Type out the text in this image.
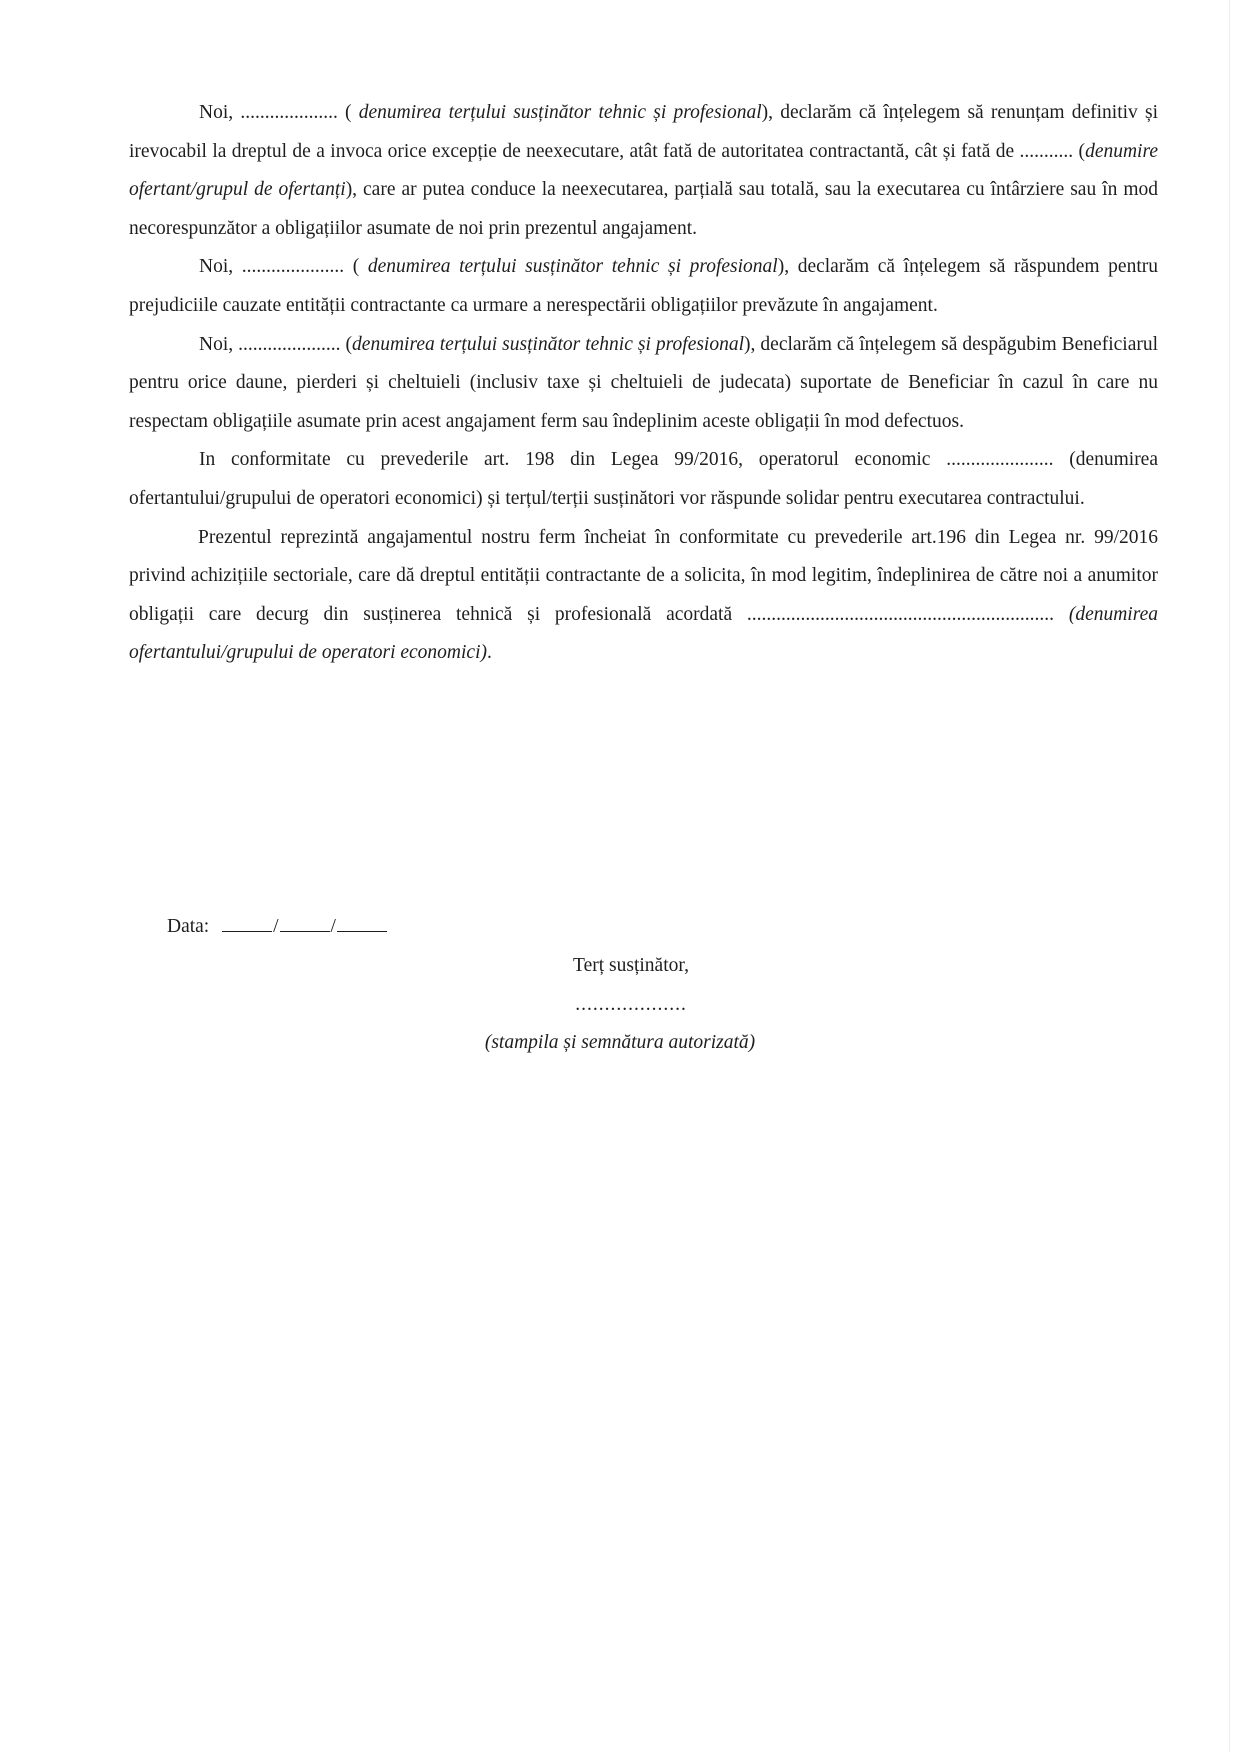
Noi, .................... ( denumirea terțului susținător tehnic și profesional), declarăm că înțelegem să renunțam definitiv și irevocabil la dreptul de a invoca orice excepție de neexecutare, atât fată de autoritatea contractantă, cât și fată de ........... (denumire ofertant/grupul de ofertanți), care ar putea conduce la neexecutarea, parțială sau totală, sau la executarea cu întârziere sau în mod necorespunzător a obligațiilor asumate de noi prin prezentul angajament.

Noi, ..................... ( denumirea terțului susținător tehnic și profesional), declarăm că înțelegem să răspundem pentru prejudiciile cauzate entității contractante ca urmare a nerespectării obligațiilor prevăzute în angajament.

Noi, ..................... (denumirea terțului susținător tehnic și profesional), declarăm că înțelegem să despăgubim Beneficiarul pentru orice daune, pierderi și cheltuieli (inclusiv taxe și cheltuieli de judecata) suportate de Beneficiar în cazul în care nu respectam obligațiile asumate prin acest angajament ferm sau îndeplinim aceste obligații în mod defectuos.

In conformitate cu prevederile art. 198 din Legea 99/2016, operatorul economic ...................... (denumirea ofertantului/grupului de operatori economici) și terțul/terții susținători vor răspunde solidar pentru executarea contractului.

Prezentul reprezintă angajamentul nostru ferm încheiat în conformitate cu prevederile art.196 din Legea nr. 99/2016 privind achizițiile sectoriale, care dă dreptul entității contractante de a solicita, în mod legitim, îndeplinirea de către noi a anumitor obligații care decurg din susținerea tehnică și profesională acordată ............................................................... (denumirea ofertantului/grupului de operatori economici).

Data:	/	/
Terț susținător,
...................
(stampila și semnătura autorizată)
